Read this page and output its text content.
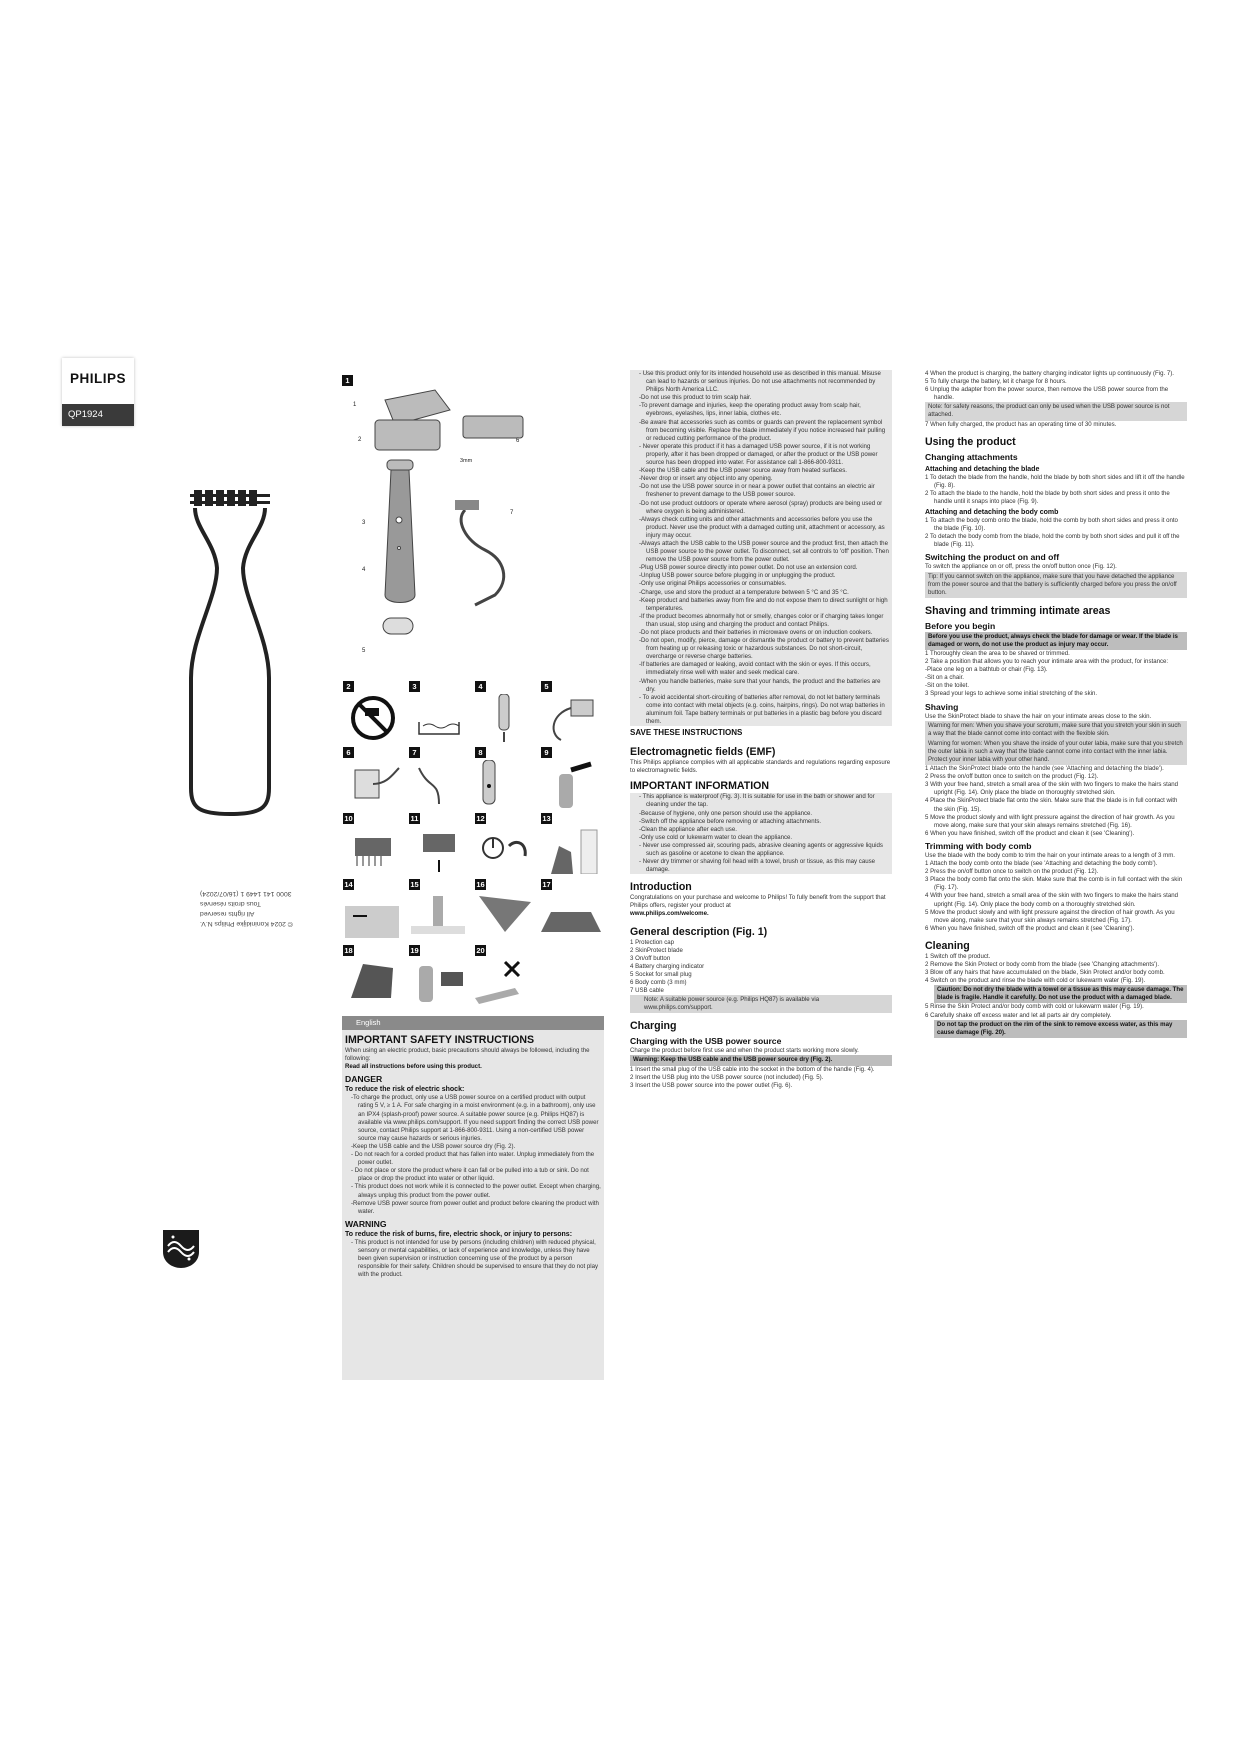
PHILIPS
QP1924
© 2024 Koninklijke Philips N.V.
All rights reserved
Tous droits réservés
3000 141 1449 1 (16/07/2024)
1
1
2	6
3mm
7
3
4
5
2	3	4	5
6	7	8	9
10	11	12	13
14	15	16	17
18	19	20
English
IMPORTANT SAFETY INSTRUCTIONS

When using an electric product, basic precautions should always be followed, including the following:

Read all instructions before using this product.

DANGER

To reduce the risk of electric shock:

-To charge the product, only use a USB power source on a certified product with output rating 5 V, ≥ 1 A. For safe charging in a moist environment (e.g. in a bathroom), only use an IPX4 (splash-proof) power source. A suitable power source (e.g. Philips HQ87) is available via www.philips.com/support. If you need support finding the correct USB power source, contact Philips support at 1-866-800-9311. Using a non-certified USB power source may cause hazards or serious injuries.

-Keep the USB cable and the USB power source dry (Fig. 2).

- Do not reach for a corded product that has fallen into water. Unplug immediately from the power outlet.

- Do not place or store the product where it can fall or be pulled into a tub or sink. Do not place or drop the product into water or other liquid.

- This product does not work while it is connected to the power outlet. Except when charging, always unplug this product from the power outlet.

-Remove USB power source from power outlet and product before cleaning the product with water.

WARNING

To reduce the risk of burns, fire, electric shock, or injury to persons:

- This product is not intended for use by persons (including children) with reduced physical, sensory or mental capabilities, or lack of experience and knowledge, unless they have been given supervision or instruction concerning use of the product by a person responsible for their safety. Children should be supervised to ensure that they do not play with the product.

- Use this product only for its intended household use as described in this manual. Misuse can lead to hazards or serious injuries. Do not use attachments not recommended by Philips North America LLC.

-Do not use this product to trim scalp hair.

-To prevent damage and injuries, keep the operating product away from scalp hair, eyebrows, eyelashes, lips, inner labia, clothes etc.

-Be aware that accessories such as combs or guards can prevent the replacement symbol from becoming visible. Replace the blade immediately if you notice increased hair pulling or reduced cutting performance of the product.

- Never operate this product if it has a damaged USB power source, if it is not working properly, after it has been dropped or damaged, or after the product or the USB power source has been dropped into water. For assistance call 1-866-800-9311.

-Keep the USB cable and the USB power source away from heated surfaces.

-Never drop or insert any object into any opening.

-Do not use the USB power source in or near a power outlet that contains an electric air freshener to prevent damage to the USB power source.

-Do not use product outdoors or operate where aerosol (spray) products are being used or where oxygen is being administered.

-Always check cutting units and other attachments and accessories before you use the product. Never use the product with a damaged cutting unit, attachment or accessory, as injury may occur.

-Always attach the USB cable to the USB power source and the product first, then attach the USB power source to the power outlet. To disconnect, set all controls to 'off' position. Then remove the USB power source from the power outlet.

-Plug USB power source directly into power outlet. Do not use an extension cord.

-Unplug USB power source before plugging in or unplugging the product.

-Only use original Philips accessories or consumables.

-Charge, use and store the product at a temperature between 5 °C and 35 °C.

-Keep product and batteries away from fire and do not expose them to direct sunlight or high temperatures.

-If the product becomes abnormally hot or smelly, changes color or if charging takes longer than usual, stop using and charging the product and contact Philips.

-Do not place products and their batteries in microwave ovens or on induction cookers.

-Do not open, modify, pierce, damage or dismantle the product or battery to prevent batteries from heating up or releasing toxic or hazardous substances. Do not short-circuit, overcharge or reverse charge batteries.

-If batteries are damaged or leaking, avoid contact with the skin or eyes. If this occurs, immediately rinse well with water and seek medical care.

-When you handle batteries, make sure that your hands, the product and the batteries are dry.

- To avoid accidental short-circuiting of batteries after removal, do not let battery terminals come into contact with metal objects (e.g. coins, hairpins, rings). Do not wrap batteries in aluminum foil. Tape battery terminals or put batteries in a plastic bag before you discard them.

SAVE THESE INSTRUCTIONS
Electromagnetic fields (EMF)

This Philips appliance complies with all applicable standards and regulations regarding exposure to electromagnetic fields.

IMPORTANT INFORMATION

- This appliance is waterproof (Fig. 3). It is suitable for use in the bath or shower and for cleaning under the tap.

-Because of hygiene, only one person should use the appliance.

-Switch off the appliance before removing or attaching attachments.

-Clean the appliance after each use.

-Only use cold or lukewarm water to clean the appliance.

- Never use compressed air, scouring pads, abrasive cleaning agents or aggressive liquids such as gasoline or acetone to clean the appliance.

- Never dry trimmer or shaving foil head with a towel, brush or tissue, as this may cause damage.

Introduction

Congratulations on your purchase and welcome to Philips! To fully benefit from the support that Philips offers, register your product at

www.philips.com/welcome.

General description (Fig. 1)

1 Protection cap

2 SkinProtect blade

3 On/off button

4 Battery charging indicator

5 Socket for small plug

6 Body comb (3 mm)

7 USB cable

Note: A suitable power source (e.g. Philips HQ87) is available via www.philips.com/support.

Charging
Charging with the USB power source

Charge the product before first use and when the product starts working more slowly.

Warning: Keep the USB cable and the USB power source dry (Fig. 2).

1 Insert the small plug of the USB cable into the socket in the bottom of the handle (Fig. 4).

2 Insert the USB plug into the USB power source (not included) (Fig. 5).

3 Insert the USB power source into the power outlet (Fig. 6).

4 When the product is charging, the battery charging indicator lights up continuously (Fig. 7).

5 To fully charge the battery, let it charge for 8 hours.

6 Unplug the adapter from the power source, then remove the USB power source from the handle.

Note: for safety reasons, the product can only be used when the USB power source is not attached.

7 When fully charged, the product has an operating time of 30 minutes.

Using the product
Changing attachments
Attaching and detaching the blade

1 To detach the blade from the handle, hold the blade by both short sides and lift it off the handle (Fig. 8).

2 To attach the blade to the handle, hold the blade by both short sides and press it onto the handle until it snaps into place (Fig. 9).

Attaching and detaching the body comb

1 To attach the body comb onto the blade, hold the comb by both short sides and press it onto the blade (Fig. 10).

2 To detach the body comb from the blade, hold the comb by both short sides and pull it off the blade (Fig. 11).

Switching the product on and off

To switch the appliance on or off, press the on/off button once (Fig. 12).

Tip: If you cannot switch on the appliance, make sure that you have detached the appliance from the power source and that the battery is sufficiently charged before you press the on/off button.

Shaving and trimming intimate areas
Before you begin

Before you use the product, always check the blade for damage or wear. If the blade is damaged or worn, do not use the product as injury may occur.

1 Thoroughly clean the area to be shaved or trimmed.

2 Take a position that allows you to reach your intimate area with the product, for instance:

-Place one leg on a bathtub or chair (Fig. 13).

-Sit on a chair.

-Sit on the toilet.

3 Spread your legs to achieve some initial stretching of the skin.

Shaving

Use the SkinProtect blade to shave the hair on your intimate areas close to the skin.

Warning for men: When you shave your scrotum, make sure that you stretch your skin in such a way that the blade cannot come into contact with the flexible skin.

Warning for women: When you shave the inside of your outer labia, make sure that you stretch the outer labia in such a way that the blade cannot come into contact with the inner labia. Protect your inner labia with your other hand.

1 Attach the SkinProtect blade onto the handle (see 'Attaching and detaching the blade').

2 Press the on/off button once to switch on the product (Fig. 12).

3 With your free hand, stretch a small area of the skin with two fingers to make the hairs stand upright (Fig. 14). Only place the blade on thoroughly stretched skin.

4 Place the SkinProtect blade flat onto the skin. Make sure that the blade is in full contact with the skin (Fig. 15).

5 Move the product slowly and with light pressure against the direction of hair growth. As you move along, make sure that your skin always remains stretched (Fig. 16).

6 When you have finished, switch off the product and clean it (see 'Cleaning').

Trimming with body comb

Use the blade with the body comb to trim the hair on your intimate areas to a length of 3 mm.

1 Attach the body comb onto the blade (see 'Attaching and detaching the body comb').

2 Press the on/off button once to switch on the product (Fig. 12).

3 Place the body comb flat onto the skin. Make sure that the comb is in full contact with the skin (Fig. 17).

4 With your free hand, stretch a small area of the skin with two fingers to make the hairs stand upright (Fig. 14). Only place the body comb on a thoroughly stretched skin.

5 Move the product slowly and with light pressure against the direction of hair growth. As you move along, make sure that your skin always remains stretched (Fig. 17).

6 When you have finished, switch off the product and clean it (see 'Cleaning').

Cleaning

1 Switch off the product.

2 Remove the Skin Protect or body comb from the blade (see 'Changing attachments').

3 Blow off any hairs that have accumulated on the blade, Skin Protect and/or body comb.

4 Switch on the product and rinse the blade with cold or lukewarm water (Fig. 19).

Caution: Do not dry the blade with a towel or a tissue as this may cause damage. The blade is fragile. Handle it carefully. Do not use the product with a damaged blade.

5 Rinse the Skin Protect and/or body comb with cold or lukewarm water (Fig. 19).

6 Carefully shake off excess water and let all parts air dry completely.

Do not tap the product on the rim of the sink to remove excess water, as this may cause damage (Fig. 20).
